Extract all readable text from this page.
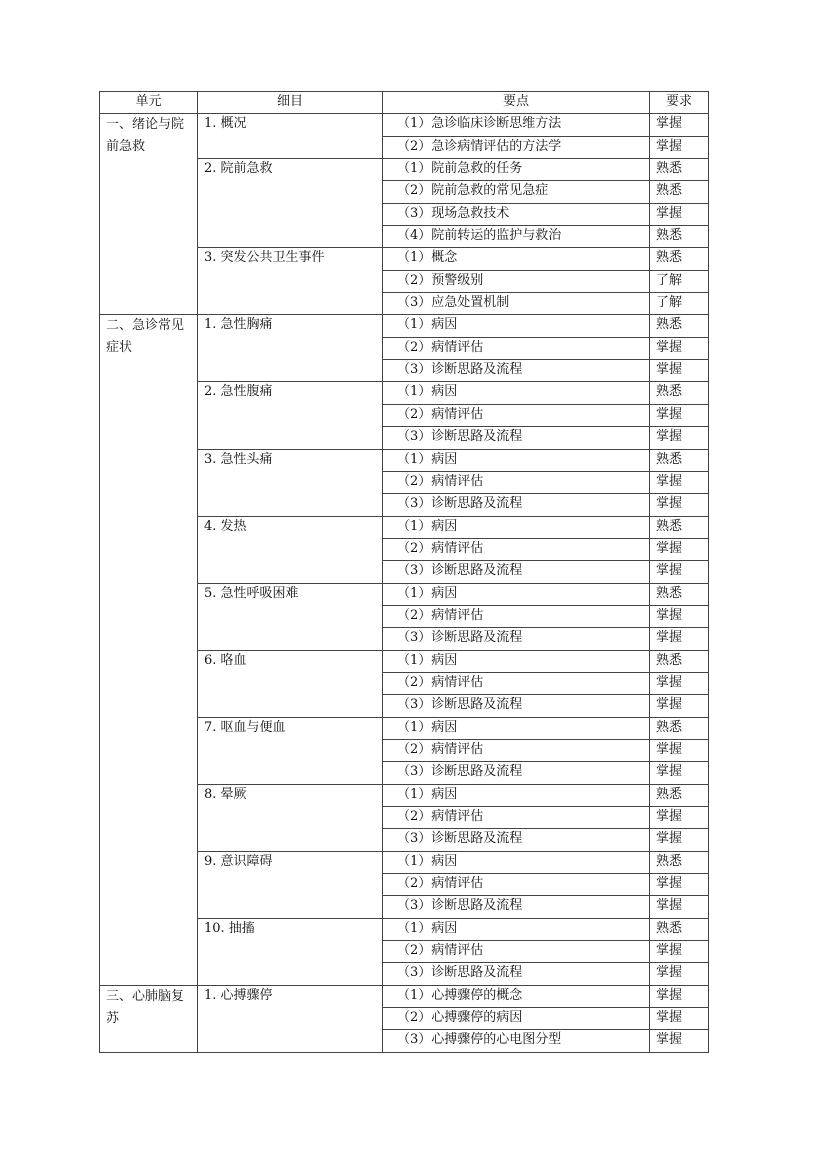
单元	细目	要点	要求
一、绪论与院前急救	1. 概况	（1）急诊临床诊断思维方法	掌握
		（2）急诊病情评估的方法学	掌握
	2. 院前急救	（1）院前急救的任务	熟悉
		（2）院前急救的常见急症	熟悉
		（3）现场急救技术	掌握
		（4）院前转运的监护与救治	熟悉
	3. 突发公共卫生事件	（1）概念	熟悉
		（2）预警级别	了解
		（3）应急处置机制	了解
二、急诊常见症状	1. 急性胸痛	（1）病因	熟悉
		（2）病情评估	掌握
		（3）诊断思路及流程	掌握
	2. 急性腹痛	（1）病因	熟悉
		（2）病情评估	掌握
		（3）诊断思路及流程	掌握
	3. 急性头痛	（1）病因	熟悉
		（2）病情评估	掌握
		（3）诊断思路及流程	掌握
	4. 发热	（1）病因	熟悉
		（2）病情评估	掌握
		（3）诊断思路及流程	掌握
	5. 急性呼吸困难	（1）病因	熟悉
		（2）病情评估	掌握
		（3）诊断思路及流程	掌握
	6. 咯血	（1）病因	熟悉
		（2）病情评估	掌握
		（3）诊断思路及流程	掌握
	7. 呕血与便血	（1）病因	熟悉
		（2）病情评估	掌握
		（3）诊断思路及流程	掌握
	8. 晕厥	（1）病因	熟悉
		（2）病情评估	掌握
		（3）诊断思路及流程	掌握
	9. 意识障碍	（1）病因	熟悉
		（2）病情评估	掌握
		（3）诊断思路及流程	掌握
	10. 抽搐	（1）病因	熟悉
		（2）病情评估	掌握
		（3）诊断思路及流程	掌握
三、心肺脑复苏	1. 心搏骤停	（1）心搏骤停的概念	掌握
		（2）心搏骤停的病因	掌握
		（3）心搏骤停的心电图分型	掌握
